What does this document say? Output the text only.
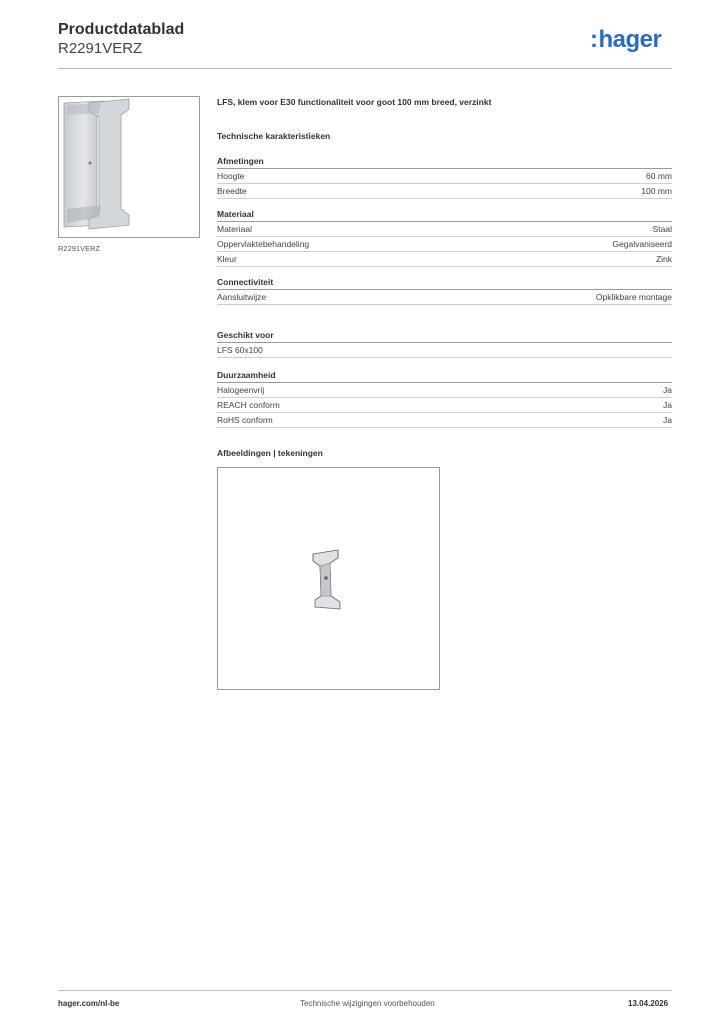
Productdatablad
R2291VERZ	:hager
R2291VERZ
LFS, klem voor E30 functionaliteit voor goot 100 mm breed, verzinkt
Technische karakteristieken
Afmetingen
Hoogte	60 mm
Breedte	100 mm
Materiaal
Materiaal	Staal
Oppervlaktebehandeling	Gegalvaniseerd
Kleur	Zink
Connectiviteit
Aansluitwijze	Opklikbare montage
Geschikt voor
LFS 60x100
Duurzaamheid
Halogeenvrij	Ja
REACH conform	Ja
RoHS conform	Ja
Afbeeldingen | tekeningen
hager.com/nl-be	Technische wijzigingen voorbehouden	13.04.2026
